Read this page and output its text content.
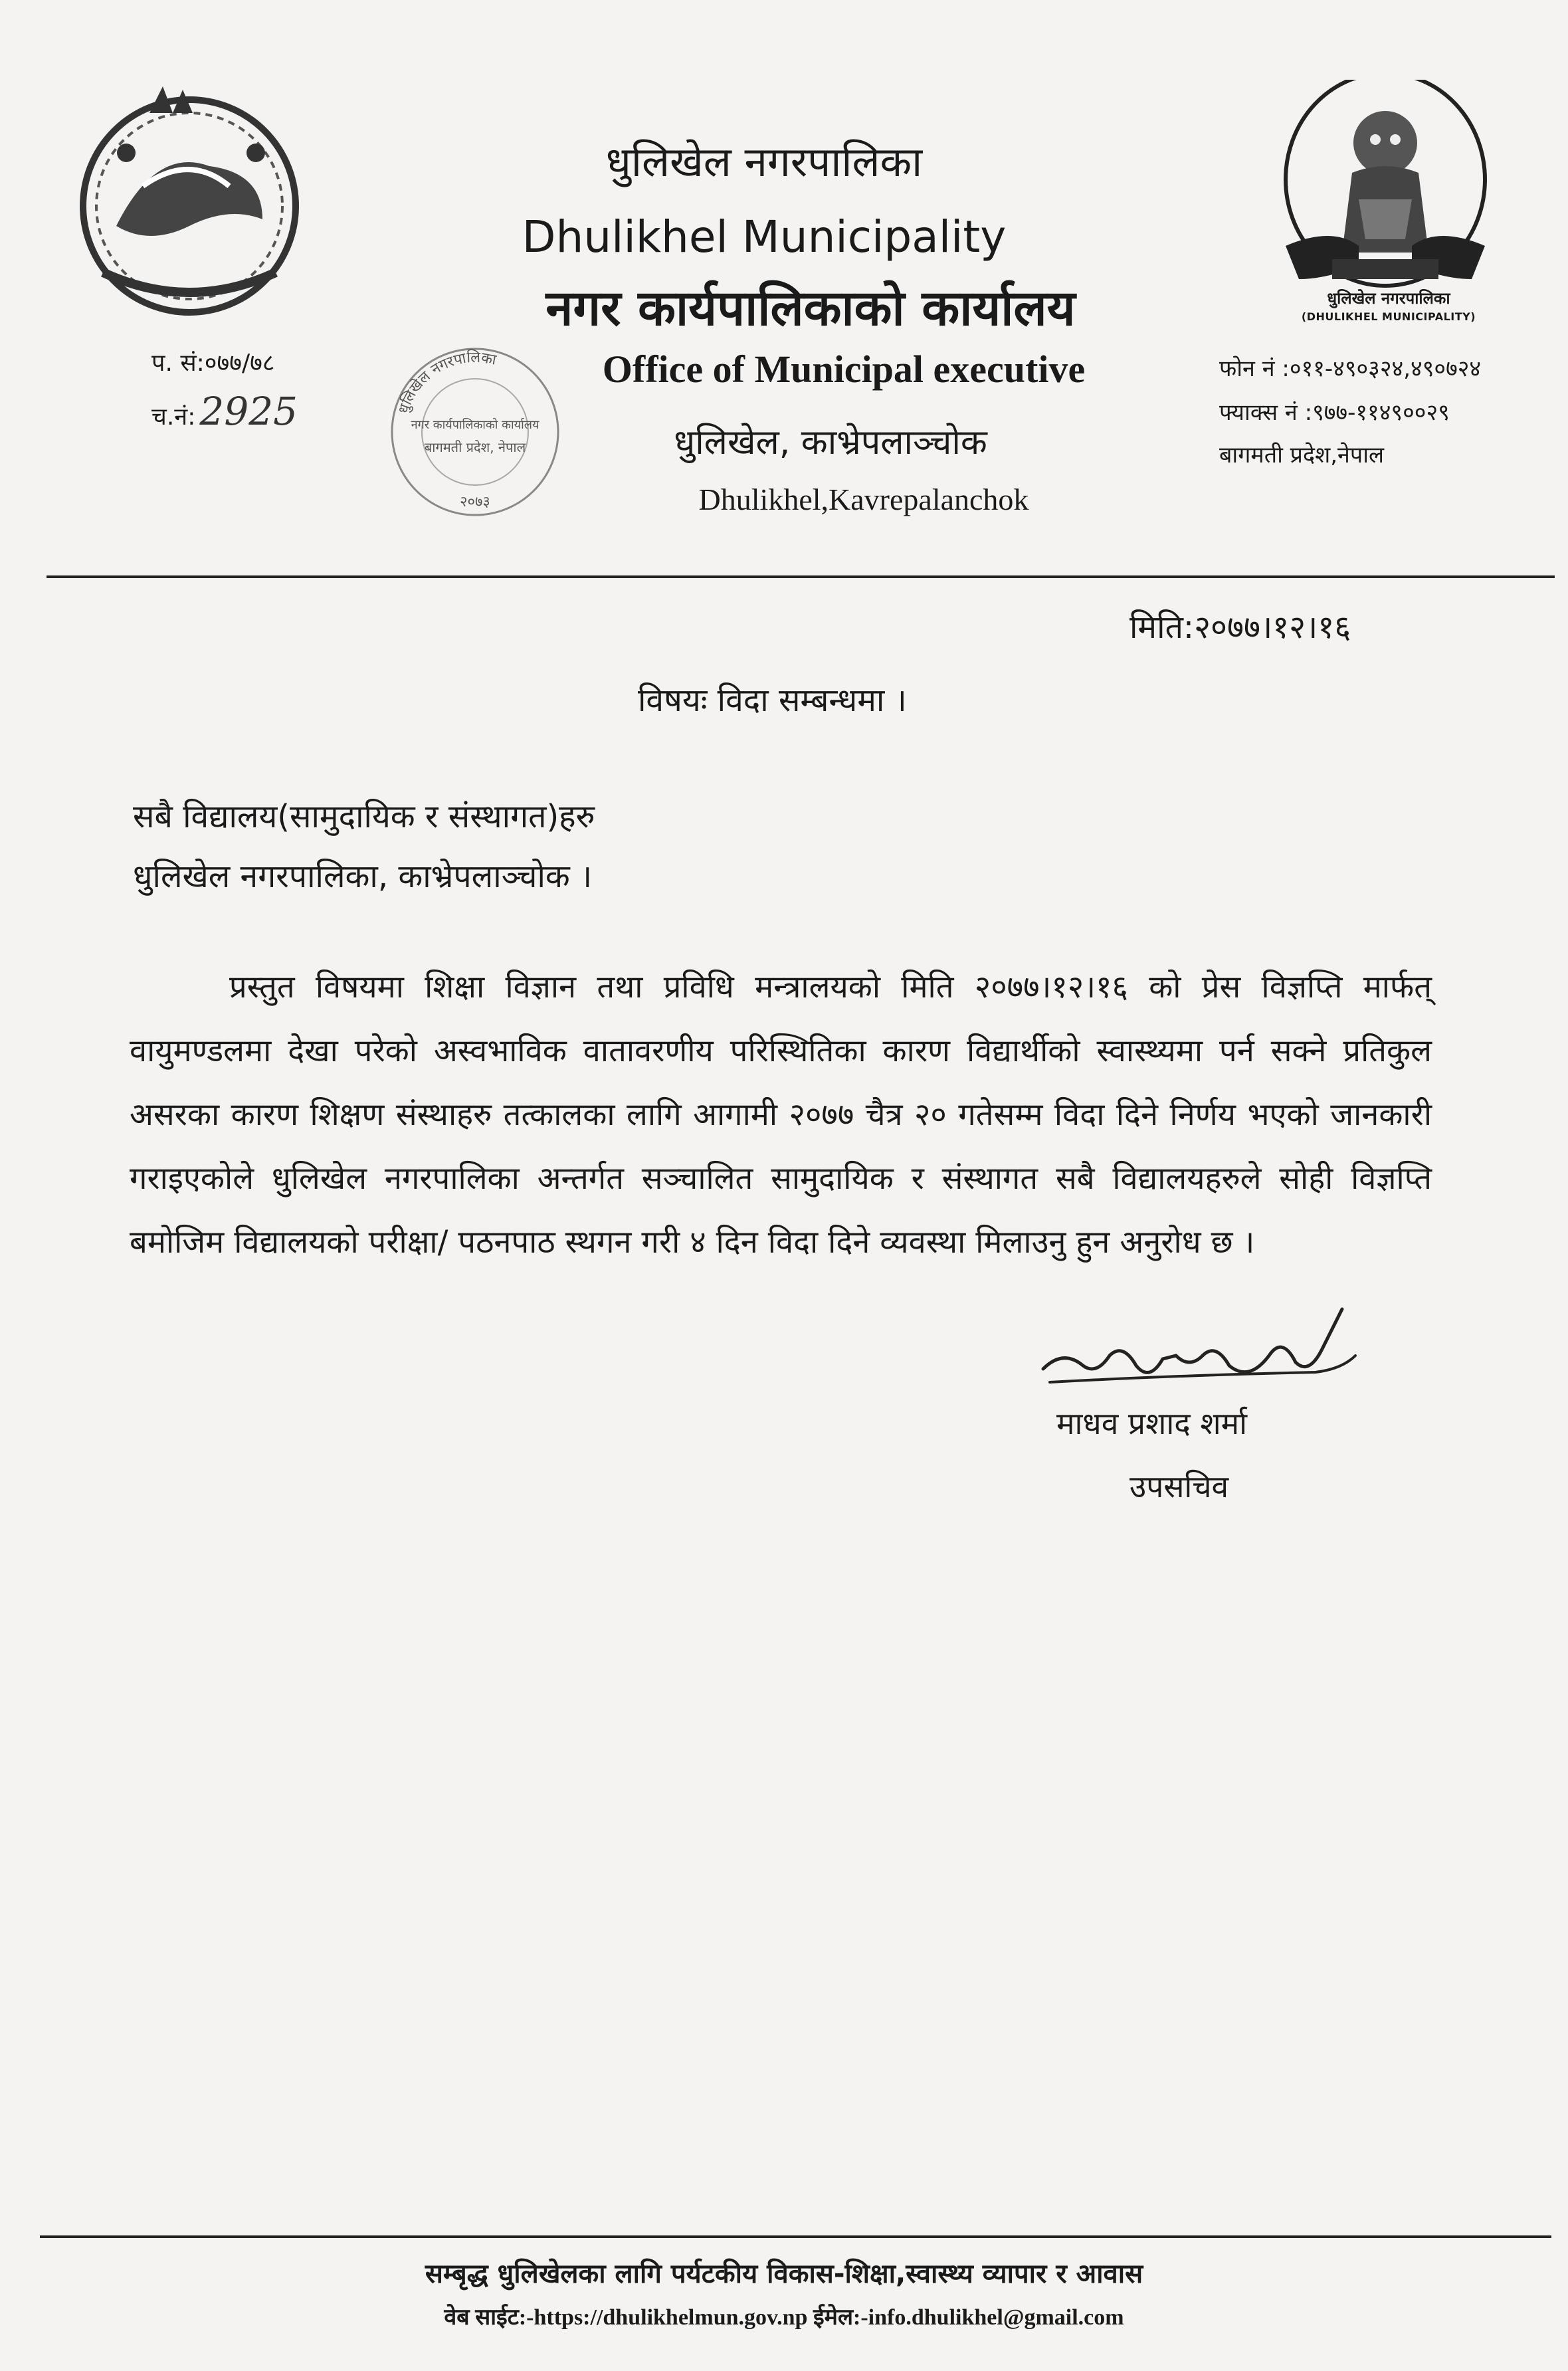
धुलिखेल नगरपालिका
(DHULIKHEL MUNICIPALITY)
धुलिखेल नगरपालिका
Dhulikhel Municipality
नगर कार्यपालिकाको कार्यालय
Office of Municipal executive
धुलिखेल, काभ्रेपलाञ्चोक
Dhulikhel,Kavrepalanchok
प. सं:०७७/७८
च.नं: 2925	धुलिखेल नगरपालिका
नगर कार्यपालिकाको कार्यालय
बागमती प्रदेश, नेपाल
२०७३
फोन नं :०११-४९०३२४,४९०७२४
फ्याक्स नं :९७७-११४९००२९
बागमती प्रदेश,नेपाल
मिति:२०७७।१२।१६
विषयः विदा सम्बन्धमा ।
सबै विद्यालय(सामुदायिक र संस्थागत)हरु
धुलिखेल नगरपालिका, काभ्रेपलाञ्चोक ।
प्रस्तुत विषयमा शिक्षा विज्ञान तथा प्रविधि मन्त्रालयको मिति २०७७।१२।१६ को प्रेस विज्ञप्ति मार्फत् वायुमण्डलमा देखा परेको अस्वभाविक वातावरणीय परिस्थितिका कारण विद्यार्थीको स्वास्थ्यमा पर्न सक्ने प्रतिकुल असरका कारण शिक्षण संस्थाहरु तत्कालका लागि आगामी २०७७ चैत्र २० गतेसम्म विदा दिने निर्णय भएको जानकारी गराइएकोले धुलिखेल नगरपालिका अन्तर्गत सञ्चालित सामुदायिक र संस्थागत सबै विद्यालयहरुले सोही विज्ञप्ति बमोजिम विद्यालयको परीक्षा/ पठनपाठ स्थगन गरी ४ दिन विदा दिने व्यवस्था मिलाउनु हुन अनुरोध छ ।
माधव प्रशाद शर्मा
उपसचिव
सम्बृद्ध धुलिखेलका लागि पर्यटकीय विकास-शिक्षा,स्वास्थ्य व्यापार र आवास
वेब साईट:-https://dhulikhelmun.gov.np ईमेल:-info.dhulikhel@gmail.com
